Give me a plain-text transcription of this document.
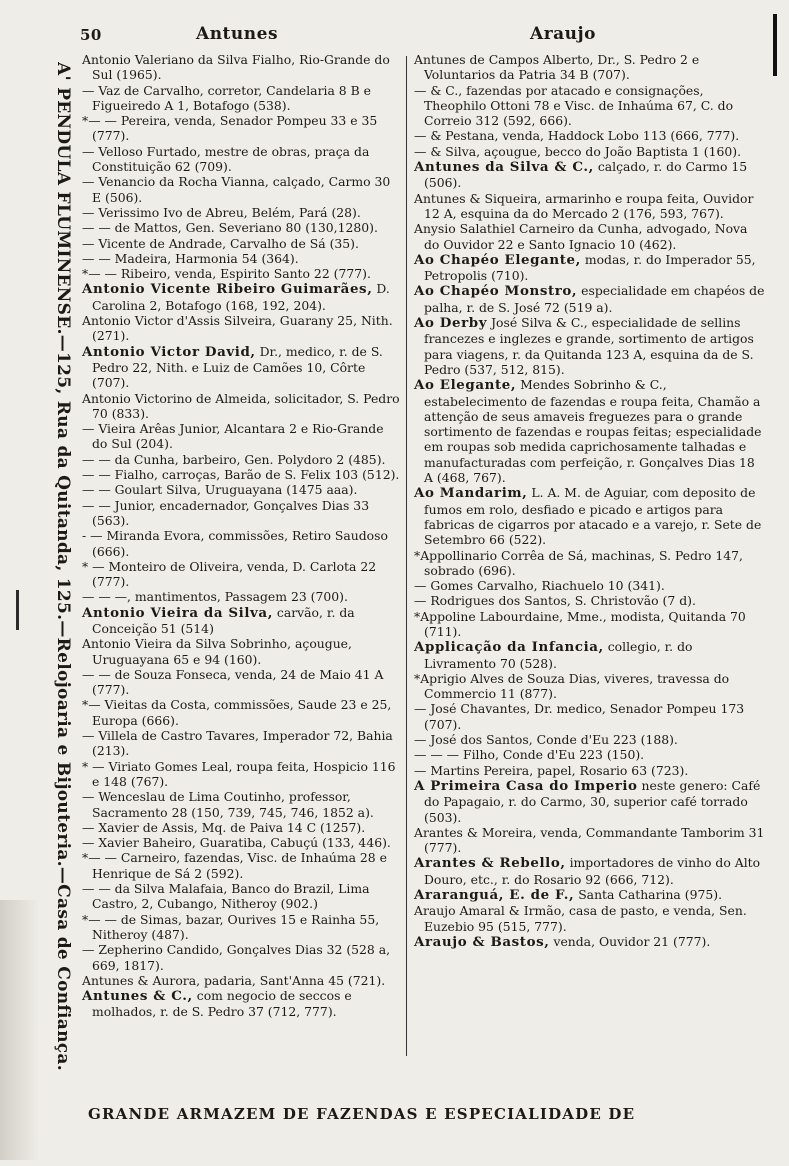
50	Antunes	Araujo
A' PENDULA FLUMINENSE.—125, Rua da Quitanda, 125.—Relojoaria e Bijouteria.—Casa de Confiança.

Antonio Valeriano da Silva Fialho, Rio-Grande do Sul (1965).

— Vaz de Carvalho, corretor, Candelaria 8 B e Figueiredo A 1, Botafogo (538).

*— — Pereira, venda, Senador Pompeu 33 e 35 (777).

— Velloso Furtado, mestre de obras, praça da Constituição 62 (709).

— Venancio da Rocha Vianna, calçado, Carmo 30 E (506).

— Verissimo Ivo de Abreu, Belém, Pará (28).

— — de Mattos, Gen. Severiano 80 (130,1280).

— Vicente de Andrade, Carvalho de Sá (35).

— — Madeira, Harmonia 54 (364).

*— — Ribeiro, venda, Espirito Santo 22 (777).

Antonio Vicente Ribeiro Guimarães, D. Carolina 2, Botafogo (168, 192, 204).

Antonio Victor d'Assis Silveira, Guarany 25, Nith. (271).

Antonio Victor David, Dr., medico, r. de S. Pedro 22, Nith. e Luiz de Camões 10, Côrte (707).

Antonio Victorino de Almeida, solicitador, S. Pedro 70 (833).

— Vieira Arêas Junior, Alcantara 2 e Rio-Grande do Sul (204).

— — da Cunha, barbeiro, Gen. Polydoro 2 (485).

— — Fialho, carroças, Barão de S. Felix 103 (512).

— — Goulart Silva, Uruguayana (1475 aaa).

— — Junior, encadernador, Gonçalves Dias 33 (563).

- — Miranda Evora, commissões, Retiro Saudoso (666).

* — Monteiro de Oliveira, venda, D. Carlota 22 (777).

— — —, mantimentos, Passagem 23 (700).

Antonio Vieira da Silva, carvão, r. da Conceição 51 (514)

Antonio Vieira da Silva Sobrinho, açougue, Uruguayana 65 e 94 (160).

— — de Souza Fonseca, venda, 24 de Maio 41 A (777).

*— Vieitas da Costa, commissões, Saude 23 e 25, Europa (666).

— Villela de Castro Tavares, Imperador 72, Bahia (213).

* — Viriato Gomes Leal, roupa feita, Hospicio 116 e 148 (767).

— Wenceslau de Lima Coutinho, professor, Sacramento 28 (150, 739, 745, 746, 1852 a).

— Xavier de Assis, Mq. de Paiva 14 C (1257).

— Xavier Baheiro, Guaratiba, Cabuçú (133, 446).

*— — Carneiro, fazendas, Visc. de Inhaúma 28 e Henrique de Sá 2 (592).

— — da Silva Malafaia, Banco do Brazil, Lima Castro, 2, Cubango, Nitheroy (902.)

*— — de Simas, bazar, Ourives 15 e Rainha 55, Nitheroy (487).

— Zepherino Candido, Gonçalves Dias 32 (528 a, 669, 1817).

Antunes & Aurora, padaria, Sant'Anna 45 (721).

Antunes & C., com negocio de seccos e molhados, r. de S. Pedro 37 (712, 777).

Antunes de Campos Alberto, Dr., S. Pedro 2 e Voluntarios da Patria 34 B (707).

— & C., fazendas por atacado e consignações, Theophilo Ottoni 78 e Visc. de Inhaúma 67, C. do Correio 312 (592, 666).

— & Pestana, venda, Haddock Lobo 113 (666, 777).

— & Silva, açougue, becco do João Baptista 1 (160).

Antunes da Silva & C., calçado, r. do Carmo 15 (506).

Antunes & Siqueira, armarinho e roupa feita, Ouvidor 12 A, esquina da do Mercado 2 (176, 593, 767).

Anysio Salathiel Carneiro da Cunha, advogado, Nova do Ouvidor 22 e Santo Ignacio 10 (462).

Ao Chapéo Elegante, modas, r. do Imperador 55, Petropolis (710).

Ao Chapéo Monstro, especialidade em chapéos de palha, r. de S. José 72 (519 a).

Ao Derby José Silva & C., especialidade de sellins francezes e inglezes e grande, sortimento de artigos para viagens, r. da Quitanda 123 A, esquina da de S. Pedro (537, 512, 815).

Ao Elegante, Mendes Sobrinho & C., estabelecimento de fazendas e roupa feita, Chamão a attenção de seus amaveis freguezes para o grande sortimento de fazendas e roupas feitas; especialidade em roupas sob medida caprichosamente talhadas e manufacturadas com perfeição, r. Gonçalves Dias 18 A (468, 767).

Ao Mandarim, L. A. M. de Aguiar, com deposito de fumos em rolo, desfiado e picado e artigos para fabricas de cigarros por atacado e a varejo, r. Sete de Setembro 66 (522).

*Appollinario Corrêa de Sá, machinas, S. Pedro 147, sobrado (696).

— Gomes Carvalho, Riachuelo 10 (341).

— Rodrigues dos Santos, S. Christovão (7 d).

*Appoline Labourdaine, Mme., modista, Quitanda 70 (711).

Applicação da Infancia, collegio, r. do Livramento 70 (528).

*Aprigio Alves de Souza Dias, viveres, travessa do Commercio 11 (877).

— José Chavantes, Dr. medico, Senador Pompeu 173 (707).

— José dos Santos, Conde d'Eu 223 (188).

— — — Filho, Conde d'Eu 223 (150).

— Martins Pereira, papel, Rosario 63 (723).

A Primeira Casa do Imperio neste genero: Café do Papagaio, r. do Carmo, 30, superior café torrado (503).

Arantes & Moreira, venda, Commandante Tamborim 31 (777).

Arantes & Rebello, importadores de vinho do Alto Douro, etc., r. do Rosario 92 (666, 712).

Araranguá, E. de F., Santa Catharina (975).

Araujo Amaral & Irmão, casa de pasto, e venda, Sen. Euzebio 95 (515, 777).

Araujo & Bastos, venda, Ouvidor 21 (777).

GRANDE ARMAZEM DE FAZENDAS E ESPECIALIDADE DE
